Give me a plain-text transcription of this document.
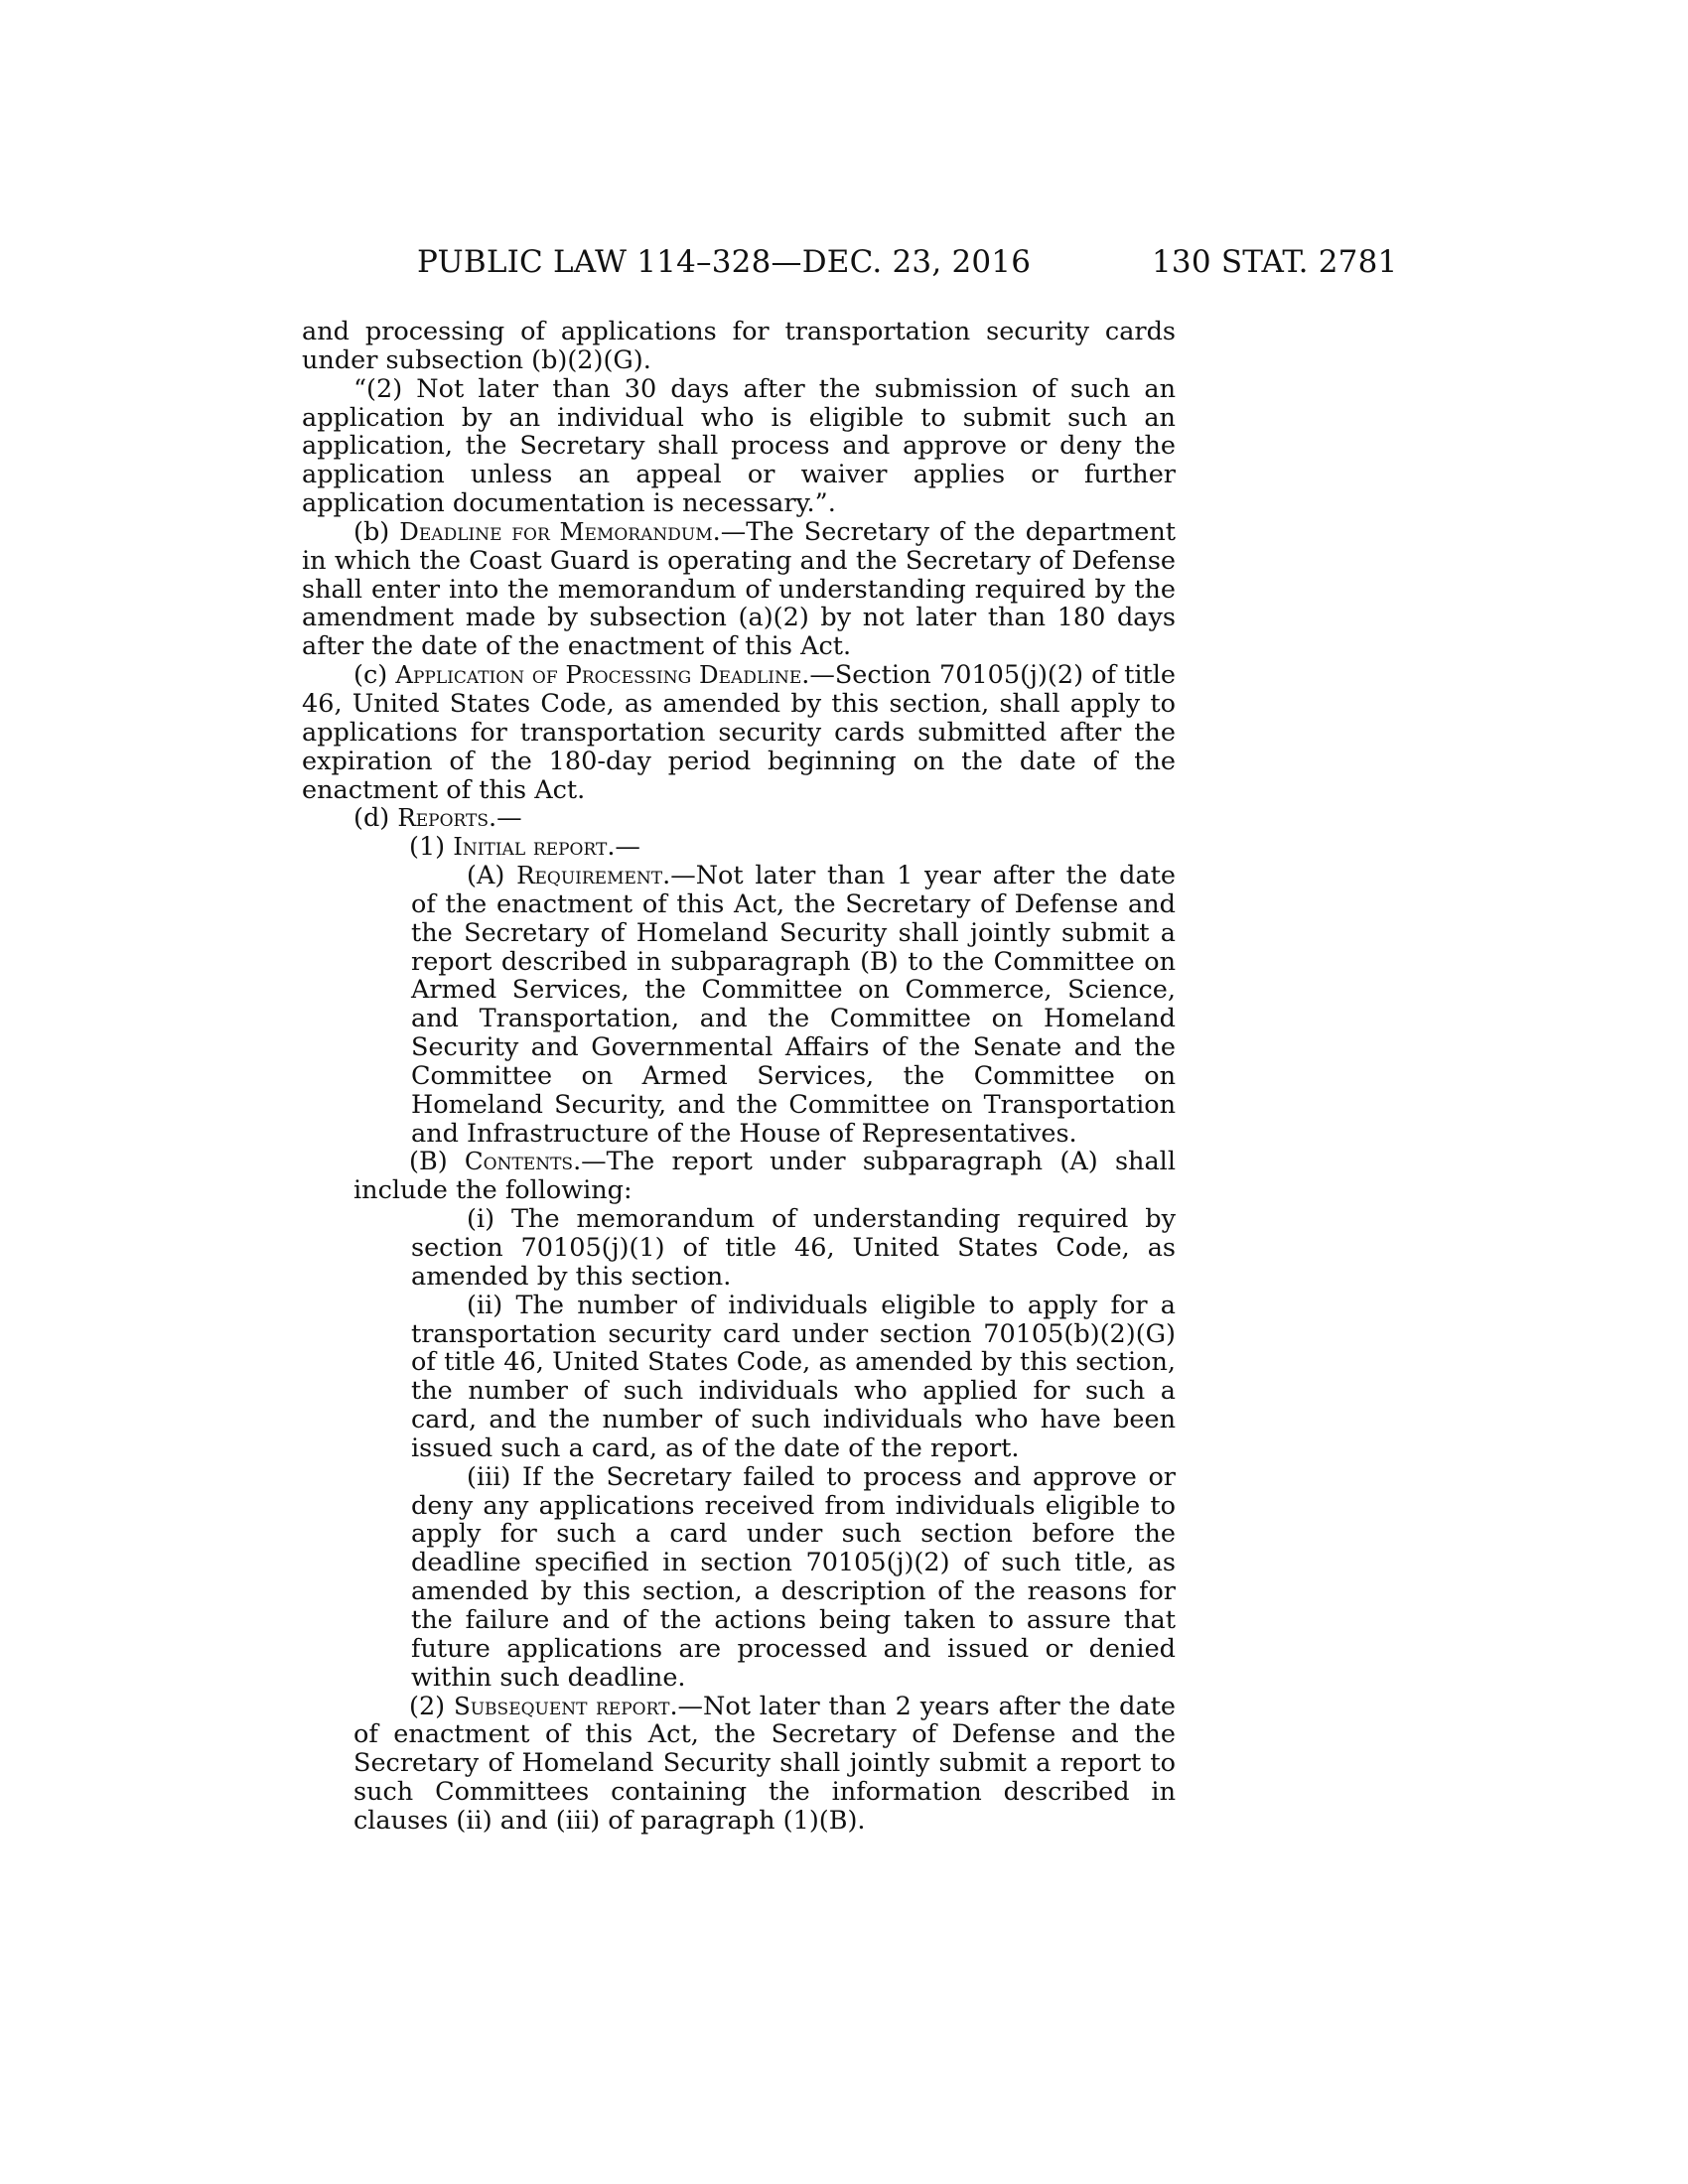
PUBLIC LAW 114–328—DEC. 23, 2016	130 STAT. 2781

and processing of applications for transportation security cards under subsection (b)(2)(G).

“(2) Not later than 30 days after the submission of such an application by an individual who is eligible to submit such an application, the Secretary shall process and approve or deny the application unless an appeal or waiver applies or further application documentation is necessary.”.

(b) Deadline for Memorandum.—The Secretary of the department in which the Coast Guard is operating and the Secretary of Defense shall enter into the memorandum of understanding required by the amendment made by subsection (a)(2) by not later than 180 days after the date of the enactment of this Act.

(c) Application of Processing Deadline.—Section 70105(j)(2) of title 46, United States Code, as amended by this section, shall apply to applications for transportation security cards submitted after the expiration of the 180-day period beginning on the date of the enactment of this Act.

(d) Reports.—

(1) Initial report.—

(A) Requirement.—Not later than 1 year after the date of the enactment of this Act, the Secretary of Defense and the Secretary of Homeland Security shall jointly submit a report described in subparagraph (B) to the Committee on Armed Services, the Committee on Commerce, Science, and Transportation, and the Committee on Homeland Security and Governmental Affairs of the Senate and the Committee on Armed Services, the Committee on Homeland Security, and the Committee on Transportation and Infrastructure of the House of Representatives.

(B) Contents.—The report under subparagraph (A) shall include the following:

(i) The memorandum of understanding required by section 70105(j)(1) of title 46, United States Code, as amended by this section.

(ii) The number of individuals eligible to apply for a transportation security card under section 70105(b)(2)(G) of title 46, United States Code, as amended by this section, the number of such individuals who applied for such a card, and the number of such individuals who have been issued such a card, as of the date of the report.

(iii) If the Secretary failed to process and approve or deny any applications received from individuals eligible to apply for such a card under such section before the deadline specified in section 70105(j)(2) of such title, as amended by this section, a description of the reasons for the failure and of the actions being taken to assure that future applications are processed and issued or denied within such deadline.

(2) Subsequent report.—Not later than 2 years after the date of enactment of this Act, the Secretary of Defense and the Secretary of Homeland Security shall jointly submit a report to such Committees containing the information described in clauses (ii) and (iii) of paragraph (1)(B).
